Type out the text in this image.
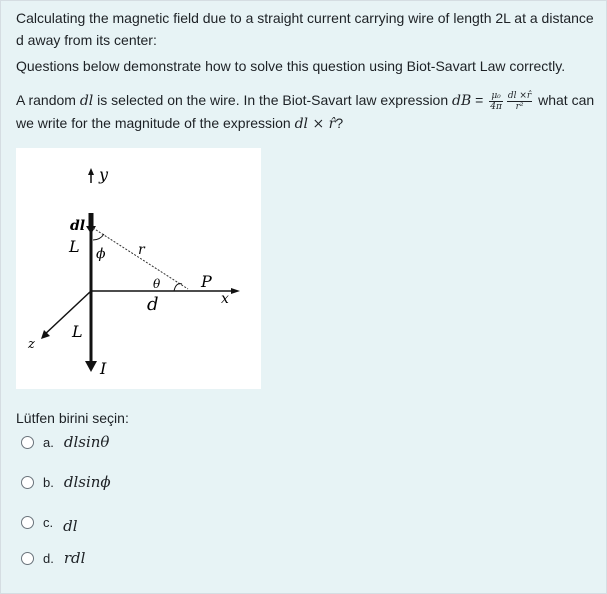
Calculating the magnetic field due to a straight current carrying wire of length 2L at a distance d away from its center:
Questions below demonstrate how to solve this question using Biot-Savart Law correctly.
A random dl is selected on the wire. In the Biot-Savart law expression dB = $\frac{\text{μ₀}}{4\pi} \frac{dl \times r̂}{\text{r²}}$ what can we write for the magnitude of the expression dl × r̂?
y
dl
L ϕ r
θ	P
x
d
L
z
I
Lütfen birini seçin:
a. dlsinθ
b. dlsinϕ
c. dl
d. rdl
